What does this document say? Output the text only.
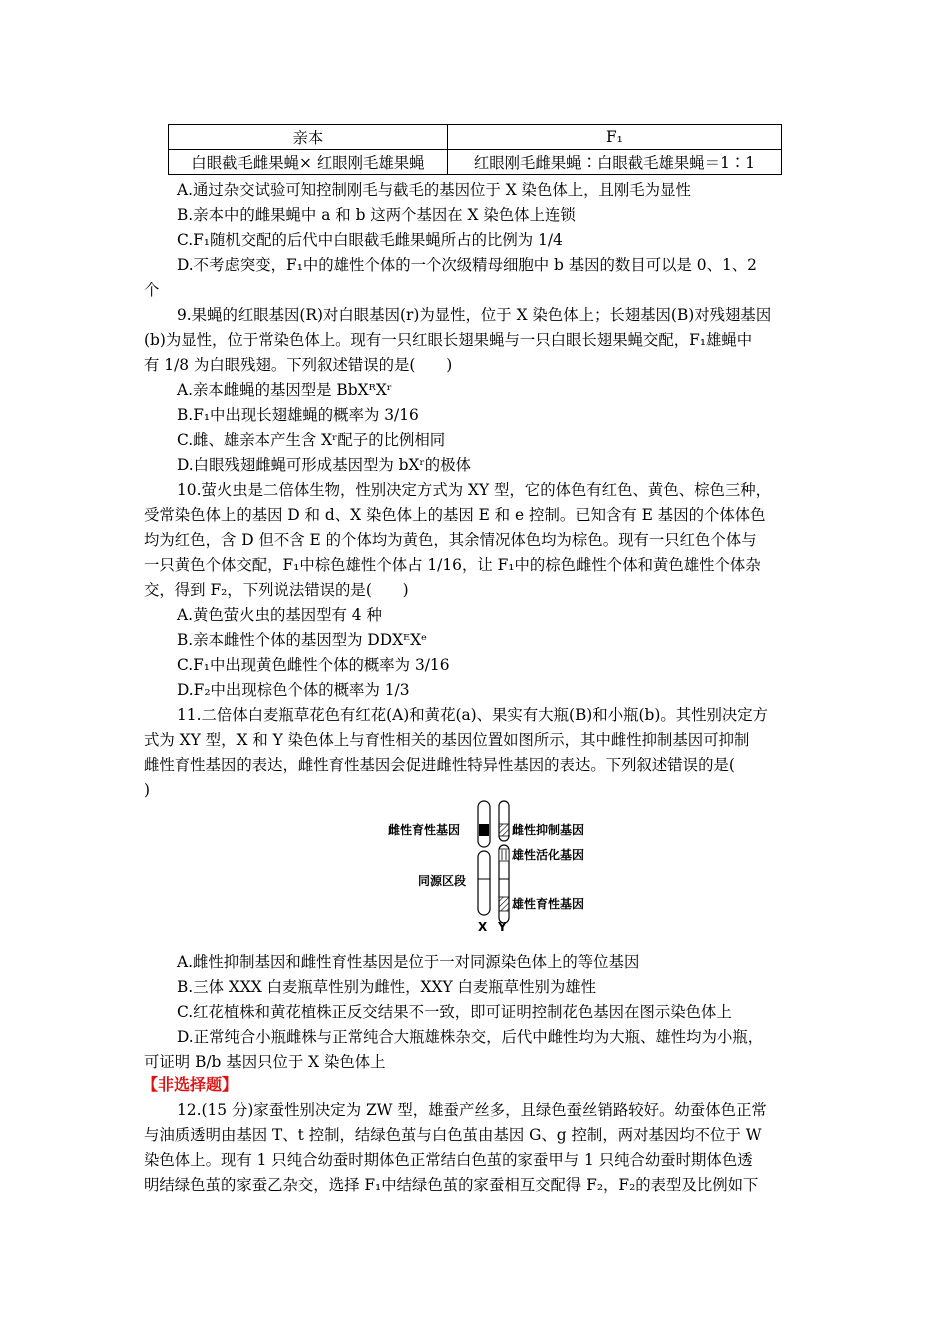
亲本	F₁
白眼截毛雌果蝇× 红眼刚毛雄果蝇	红眼刚毛雌果蝇∶白眼截毛雄果蝇＝1∶1
A.通过杂交试验可知控制刚毛与截毛的基因位于 X 染色体上，且刚毛为显性
B.亲本中的雌果蝇中 a 和 b 这两个基因在 X 染色体上连锁
C.F₁随机交配的后代中白眼截毛雌果蝇所占的比例为 1/4
D.不考虑突变，F₁中的雄性个体的一个次级精母细胞中 b 基因的数目可以是 0、1、2
个
9.果蝇的红眼基因(R)对白眼基因(r)为显性，位于 X 染色体上；长翅基因(B)对残翅基因
(b)为显性，位于常染色体上。现有一只红眼长翅果蝇与一只白眼长翅果蝇交配，F₁雄蝇中
有 1/8 为白眼残翅。下列叙述错误的是(　　)
A.亲本雌蝇的基因型是 BbXᴿXʳ
B.F₁中出现长翅雄蝇的概率为 3/16
C.雌、雄亲本产生含 Xʳ配子的比例相同
D.白眼残翅雌蝇可形成基因型为 bXʳ的极体
10.萤火虫是二倍体生物，性别决定方式为 XY 型，它的体色有红色、黄色、棕色三种，
受常染色体上的基因 D 和 d、X 染色体上的基因 E 和 e 控制。已知含有 E 基因的个体体色
均为红色，含 D 但不含 E 的个体均为黄色，其余情况体色均为棕色。现有一只红色个体与
一只黄色个体交配，F₁中棕色雄性个体占 1/16，让 F₁中的棕色雌性个体和黄色雄性个体杂
交，得到 F₂，下列说法错误的是(　　)
A.黄色萤火虫的基因型有 4 种
B.亲本雌性个体的基因型为 DDXᴱXᵉ
C.F₁中出现黄色雌性个体的概率为 3/16
D.F₂中出现棕色个体的概率为 1/3
11.二倍体白麦瓶草花色有红花(A)和黄花(a)、果实有大瓶(B)和小瓶(b)。其性别决定方
式为 XY 型，X 和 Y 染色体上与育性相关的基因位置如图所示，其中雌性抑制基因可抑制
雌性育性基因的表达，雌性育性基因会促进雌性特异性基因的表达。下列叙述错误的是(
)
雌性育性基因
同源区段
雌性抑制基因
雄性活化基因
雄性育性基因
X Y
A.雌性抑制基因和雌性育性基因是位于一对同源染色体上的等位基因
B.三体 XXX 白麦瓶草性别为雌性，XXY 白麦瓶草性别为雄性
C.红花植株和黄花植株正反交结果不一致，即可证明控制花色基因在图示染色体上
D.正常纯合小瓶雌株与正常纯合大瓶雄株杂交，后代中雌性均为大瓶、雄性均为小瓶，
可证明 B/b 基因只位于 X 染色体上
【非选择题】
12.(15 分)家蚕性别决定为 ZW 型，雄蚕产丝多，且绿色蚕丝销路较好。幼蚕体色正常
与油质透明由基因 T、t 控制，结绿色茧与白色茧由基因 G、g 控制，两对基因均不位于 W
染色体上。现有 1 只纯合幼蚕时期体色正常结白色茧的家蚕甲与 1 只纯合幼蚕时期体色透
明结绿色茧的家蚕乙杂交，选择 F₁中结绿色茧的家蚕相互交配得 F₂，F₂的表型及比例如下
